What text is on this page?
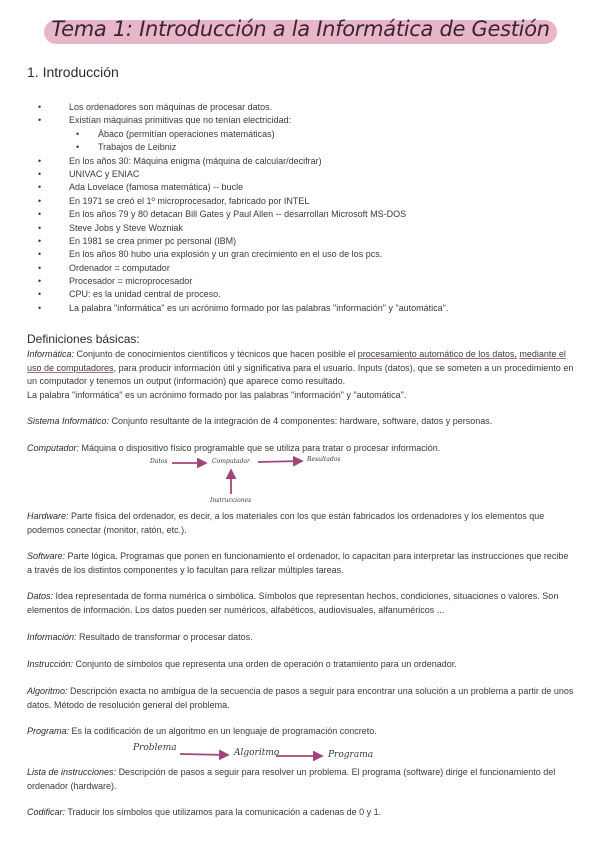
Tema 1: Introducción a la Informática de Gestión
1. Introducción
•	Los ordenadores son máquinas de procesar datos.
•	Existían máquinas primitivas que no tenían electricidad:
• Ábaco (permitían operaciones matemáticas)
• Trabajos de Leibniz
•	En los años 30: Máquina enigma (máquina de calcular/decifrar)
•	UNIVAC y ENIAC
•	Ada Lovelace (famosa matemática) -- bucle
•	En 1971 se creó el 1º microprocesador, fabricado por INTEL
•	En los años 79 y 80 detacan Bill Gates y Paul Allen -- desarrollan Microsoft MS-DOS
•	Steve Jobs y Steve Wozniak
•	En 1981 se crea primer pc personal (IBM)
•	En los años 80 hubo una explosión y un gran crecimiento en el uso de los pcs.
•	Ordenador = computador
•	Procesador = microprocesador
•	CPU: es la unidad central de proceso.
•	La palabra "informática" es un acrónimo formado por las palabras "información" y "automática".
Definiciones básicas:
Informática: Conjunto de conocimientos científicos y técnicos que hacen posible el procesamiento automático de los datos, mediante el uso de computadores, para producir información útil y significativa para el usuario. Inputs (datos), que se someten a un procedimiento en un computador y tenemos un output (información) que aparece como resultado.
La palabra "informática" es un acrónimo formado por las palabras "información" y "automática".
Sistema Informático: Conjunto resultante de la integración de 4 componentes: hardware, software, datos y personas.
Computador: Máquina o dispositivo físico programable que se utiliza para tratar o procesar información.
Datos	Computador	Resultados
Instrucciones
Problema	Algoritmo	Programa
Hardware: Parte física del ordenador, es decir, a los materiales con los que están fabricados los ordenadores y los elementos que podemos conectar (monitor, ratón, etc.).
Software: Parte lógica. Programas que ponen en funcionamiento el ordenador, lo capacitan para interpretar las instrucciones que recibe a través de los distintos componentes y lo facultan para relizar múltiples tareas.
Datos: Idea representada de forma numérica o simbólica. Símbolos que representan hechos, condiciones, situaciones o valores. Son elementos de información. Los datos pueden ser numéricos, alfabéticos, audiovisuales, alfanuméricos ...
Información: Resultado de transformar o procesar datos.
Instrucción: Conjunto de símbolos que representa una orden de operación o tratamiento para un ordenador.
Algoritmo: Descripción exacta no ambigua de la secuencia de pasos a seguir para encontrar una solución a un problema a partir de unos datos. Método de resolución general del problema.
Programa: Es la codificación de un algoritmo en un lenguaje de programación concreto.
Lista de instrucciones: Descripción de pasos a seguir para resolver un problema. El programa (software) dirige el funcionamiento del ordenador (hardware).
Codificar: Traducir los símbolos que utilizamos para la comunicación a cadenas de 0 y 1.
